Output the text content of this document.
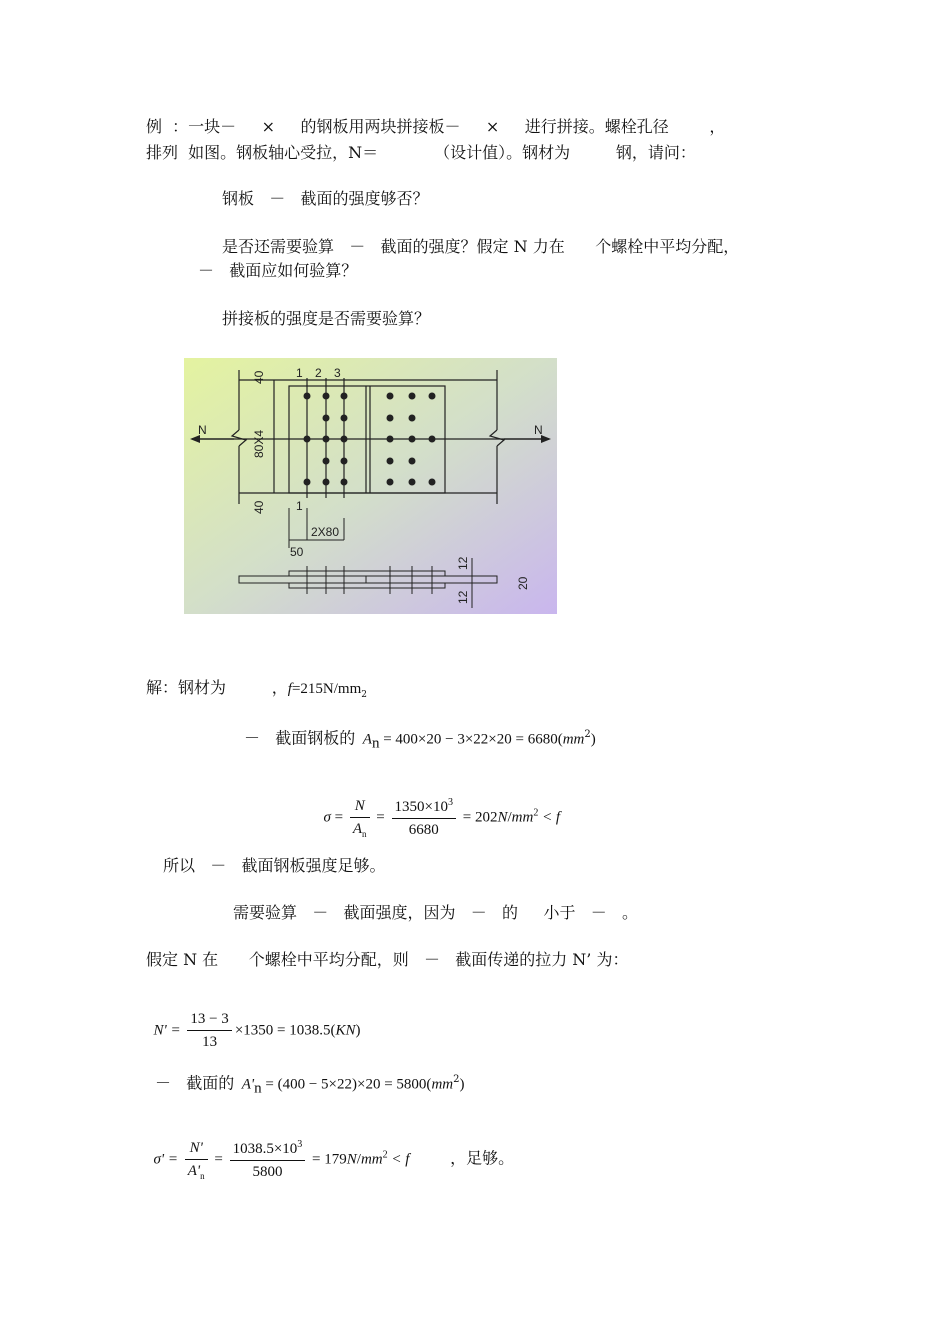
例  ：一块－     ×     的钢板用两块拼接板－     ×     进行拼接。螺栓孔径        ，
排列  如图。钢板轴心受拉，N＝           （设计值）。钢材为         钢，请问：
钢板   －   截面的强度够否？
是否还需要验算   －   截面的强度？假定 N 力在      个螺栓中平均分配，
－   截面应如何验算？
拼接板的强度是否需要验算？
N	N
1 2 3
1
2X80
50
40
80X4
40
12
12
20
解：钢材为         ，$f=215N/mm_2$
－   截面钢板的 $A_n = 400\times 20 - 3\times 22\times 20 = 6680(mm^2)$

$\sigma = \frac{N}{A_n} = \frac{1350\times 10^3}{6680} = 202N/mm^2 < f$

所以   －   截面钢板强度足够。
需要验算   －   截面强度，因为   －   的     小于   －   。
假定 N 在      个螺栓中平均分配，则   －   截面传递的拉力 N’ 为：

$N' = \frac{13 - 3}{13} \times 1350 = 1038.5(KN)$

－   截面的 $A'_n = (400 - 5\times 22)\times 20 = 5800(mm^2)$

$\sigma' = \frac{N'}{A'_n} = \frac{1038.5\times 10^3}{5800} = 179N/mm^2 < f$	，足够。
